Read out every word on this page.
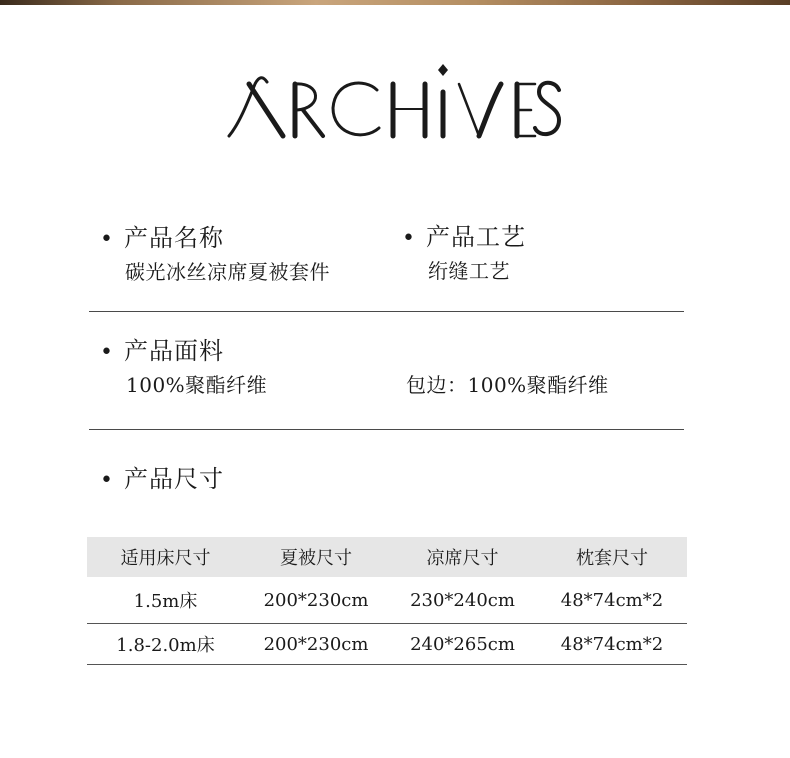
• 产品名称
碳光冰丝凉席夏被套件
• 产品工艺
绗缝工艺
• 产品面料
100%聚酯纤维	包边：100%聚酯纤维
• 产品尺寸
适用床尺寸	夏被尺寸	凉席尺寸	枕套尺寸
1.5m床	200*230cm	230*240cm	48*74cm*2
1.8-2.0m床	200*230cm	240*265cm	48*74cm*2
